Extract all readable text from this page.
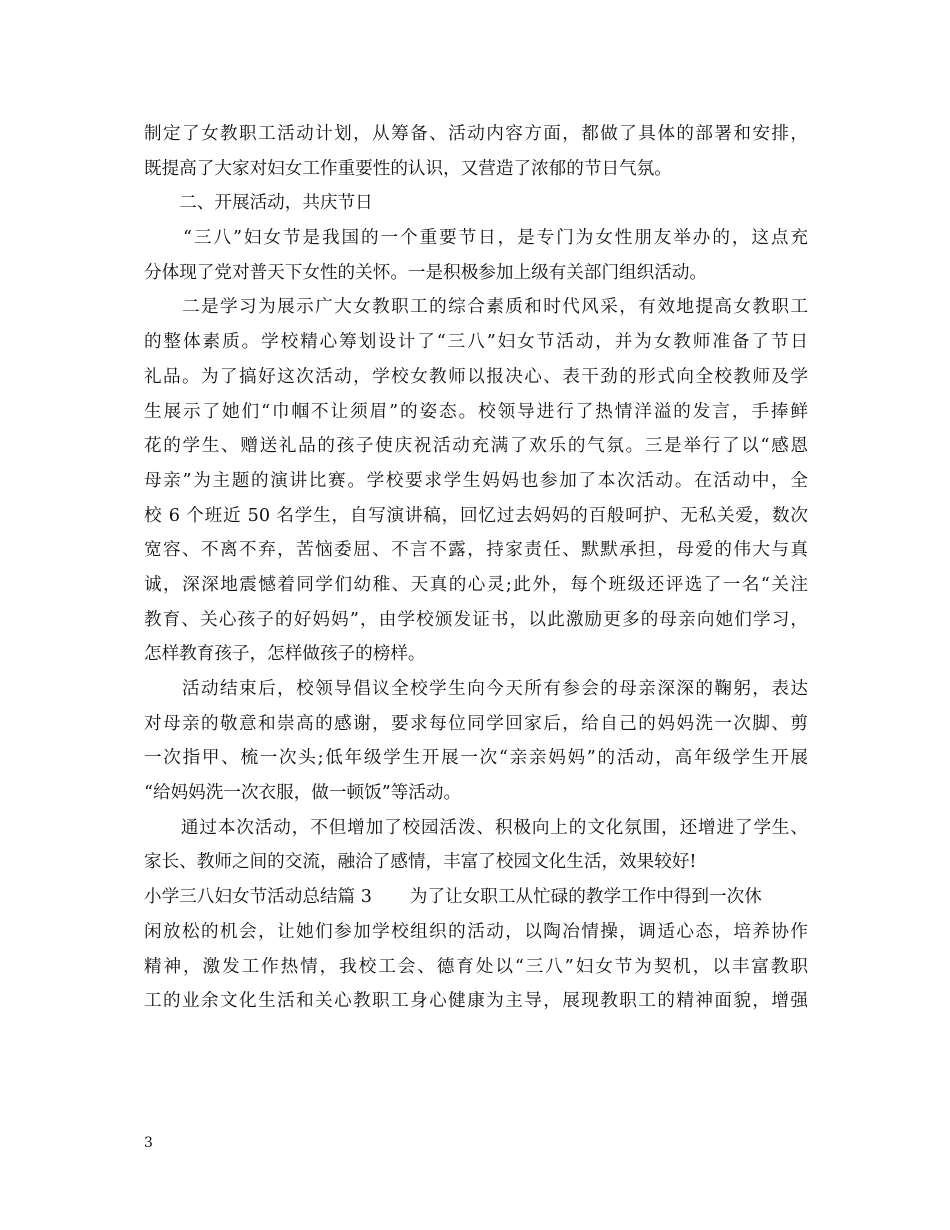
制定了女教职工活动计划，从筹备、活动内容方面，都做了具体的部署和安排，
既提高了大家对妇女工作重要性的认识，又营造了浓郁的节日气氛。
　　二、开展活动，共庆节日
　　“三八”妇女节是我国的一个重要节日，是专门为女性朋友举办的，这点充
分体现了党对普天下女性的关怀。一是积极参加上级有关部门组织活动。
　　二是学习为展示广大女教职工的综合素质和时代风采，有效地提高女教职工
的整体素质。学校精心筹划设计了“三八”妇女节活动，并为女教师准备了节日
礼品。为了搞好这次活动，学校女教师以报决心、表干劲的形式向全校教师及学
生展示了她们“巾帼不让须眉”的姿态。校领导进行了热情洋溢的发言，手捧鲜
花的学生、赠送礼品的孩子使庆祝活动充满了欢乐的气氛。三是举行了以“感恩
母亲”为主题的演讲比赛。学校要求学生妈妈也参加了本次活动。在活动中，全
校 6 个班近 50 名学生，自写演讲稿，回忆过去妈妈的百般呵护、无私关爱，数次
宽容、不离不弃，苦恼委屈、不言不露，持家责任、默默承担，母爱的伟大与真
诚，深深地震憾着同学们幼稚、天真的心灵;此外，每个班级还评选了一名“关注
教育、关心孩子的好妈妈”，由学校颁发证书，以此激励更多的母亲向她们学习，
怎样教育孩子，怎样做孩子的榜样。
　　活动结束后，校领导倡议全校学生向今天所有参会的母亲深深的鞠躬，表达
对母亲的敬意和崇高的感谢，要求每位同学回家后，给自己的妈妈洗一次脚、剪
一次指甲、梳一次头;低年级学生开展一次“亲亲妈妈”的活动，高年级学生开展
“给妈妈洗一次衣服，做一顿饭”等活动。
　　通过本次活动，不但增加了校园活泼、积极向上的文化氛围，还增进了学生、
家长、教师之间的交流，融洽了感情，丰富了校园文化生活，效果较好!
小学三八妇女节活动总结篇 3 为了让女职工从忙碌的教学工作中得到一次休
闲放松的机会，让她们参加学校组织的活动，以陶冶情操，调适心态，培养协作
精神，激发工作热情，我校工会、德育处以“三八”妇女节为契机，以丰富教职
工的业余文化生活和关心教职工身心健康为主导，展现教职工的精神面貌，增强
3
